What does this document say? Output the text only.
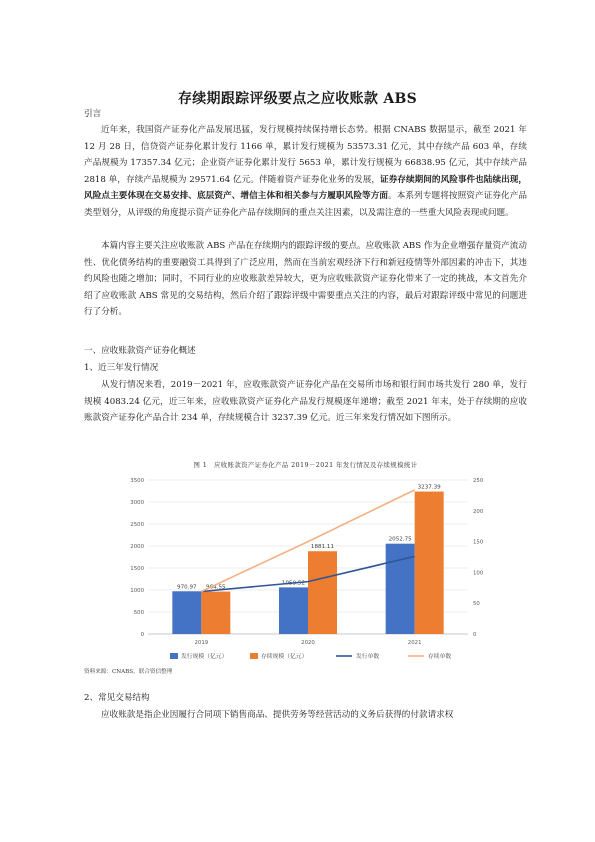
存续期跟踪评级要点之应收账款 ABS
引言
近年来，我国资产证券化产品发展迅猛，发行规模持续保持增长态势。根据 CNABS 数据显示，截至 2021 年 12 月 28 日，信贷资产证券化累计发行 1166 单，累计发行规模为 53573.31 亿元，其中存续产品 603 单，存续产品规模为 17357.34 亿元；企业资产证券化累计发行 5653 单，累计发行规模为 66838.95 亿元，其中存续产品 2818 单，存续产品规模为 29571.64 亿元。伴随着资产证券化业务的发展，证券存续期间的风险事件也陆续出现，风险点主要体现在交易安排、底层资产、增信主体和相关参与方履职风险等方面。本系列专题将按照资产证券化产品类型划分，从评级的角度提示资产证券化产品存续期间的重点关注因素，以及需注意的一些重大风险表现或问题。
本篇内容主要关注应收账款 ABS 产品在存续期内的跟踪评级的要点。应收账款 ABS 作为企业增强存量资产流动性、优化债务结构的重要融资工具得到了广泛应用，然而在当前宏观经济下行和新冠疫情等外部因素的冲击下，其违约风险也随之增加；同时，不同行业的应收账款差异较大，更为应收账款资产证券化带来了一定的挑战，本文首先介绍了应收账款 ABS 常见的交易结构，然后介绍了跟踪评级中需要重点关注的内容，最后对跟踪评级中常见的问题进行了分析。
一、应收账款资产证券化概述
1、近三年发行情况
从发行情况来看，2019－2021 年，应收账款资产证券化产品在交易所市场和银行间市场共发行 280 单，发行规模 4083.24 亿元，近三年来，应收账款资产证券化产品发行规模逐年递增；截至 2021 年末，处于存续期的应收账款资产证券化产品合计 234 单，存续规模合计 3237.39 亿元。近三年来发行情况如下图所示。
图 1　应收账款资产证券化产品 2019－2021 年发行情况及存续规模统计
0
500
1000
1500
2000
2500
3000
3500
0
50
100
150
200
250
970.97 964.55
2019
1059.52
1881.11
2020
2052.75
3237.39
2021
发行规模（亿元）	存续规模（亿元）	发行单数	存续单数
资料来源：CNABS，联合资信整理
2、常见交易结构
应收账款是指企业因履行合同项下销售商品、提供劳务等经营活动的义务后获得的付款请求权
